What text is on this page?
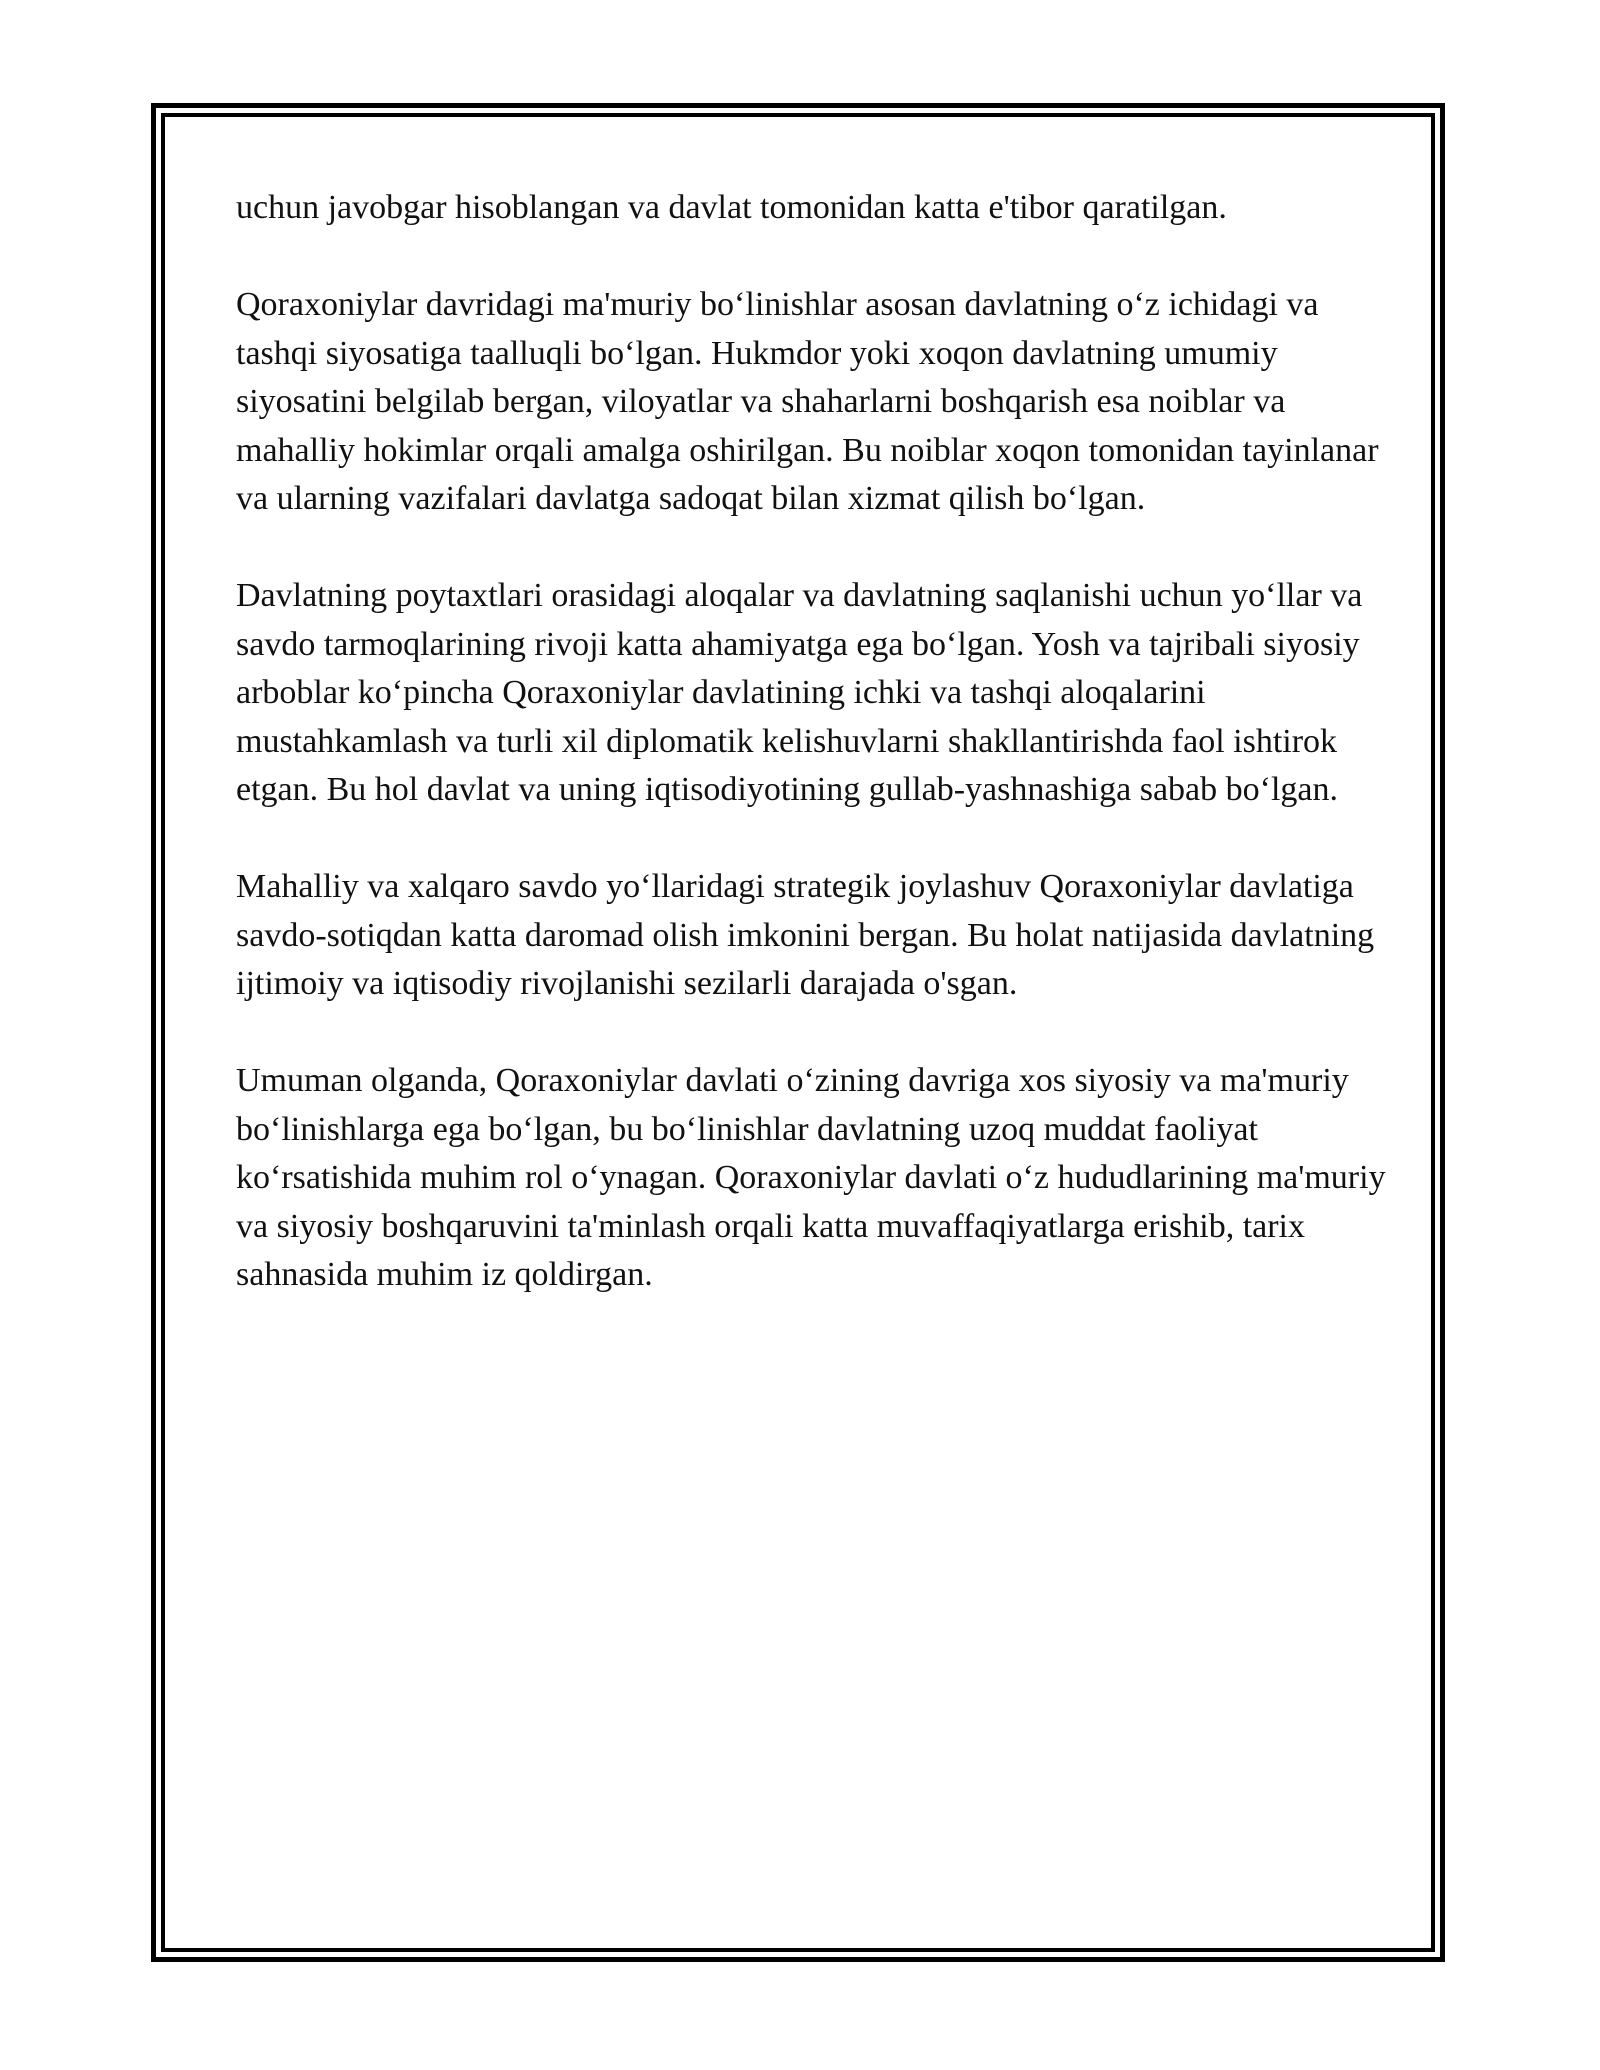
uchun javobgar hisoblangan va davlat tomonidan katta e'tibor qaratilgan.

Qoraxoniylar davridagi ma'muriy bo‘linishlar asosan davlatning o‘z ichidagi va tashqi siyosatiga taalluqli bo‘lgan. Hukmdor yoki xoqon davlatning umumiy siyosatini belgilab bergan, viloyatlar va shaharlarni boshqarish esa noiblar va mahalliy hokimlar orqali amalga oshirilgan. Bu noiblar xoqon tomonidan tayinlanar va ularning vazifalari davlatga sadoqat bilan xizmat qilish bo‘lgan.

Davlatning poytaxtlari orasidagi aloqalar va davlatning saqlanishi uchun yo‘llar va savdo tarmoqlarining rivoji katta ahamiyatga ega bo‘lgan. Yosh va tajribali siyosiy arboblar ko‘pincha Qoraxoniylar davlatining ichki va tashqi aloqalarini mustahkamlash va turli xil diplomatik kelishuvlarni shakllantirishda faol ishtirok etgan. Bu hol davlat va uning iqtisodiyotining gullab-yashnashiga sabab bo‘lgan.

Mahalliy va xalqaro savdo yo‘llaridagi strategik joylashuv Qoraxoniylar davlatiga savdo-sotiqdan katta daromad olish imkonini bergan. Bu holat natijasida davlatning ijtimoiy va iqtisodiy rivojlanishi sezilarli darajada o'sgan.

Umuman olganda, Qoraxoniylar davlati o‘zining davriga xos siyosiy va ma'muriy bo‘linishlarga ega bo‘lgan, bu bo‘linishlar davlatning uzoq muddat faoliyat ko‘rsatishida muhim rol o‘ynagan. Qoraxoniylar davlati o‘z hududlarining ma'muriy va siyosiy boshqaruvini ta'minlash orqali katta muvaffaqiyatlarga erishib, tarix sahnasida muhim iz qoldirgan.
